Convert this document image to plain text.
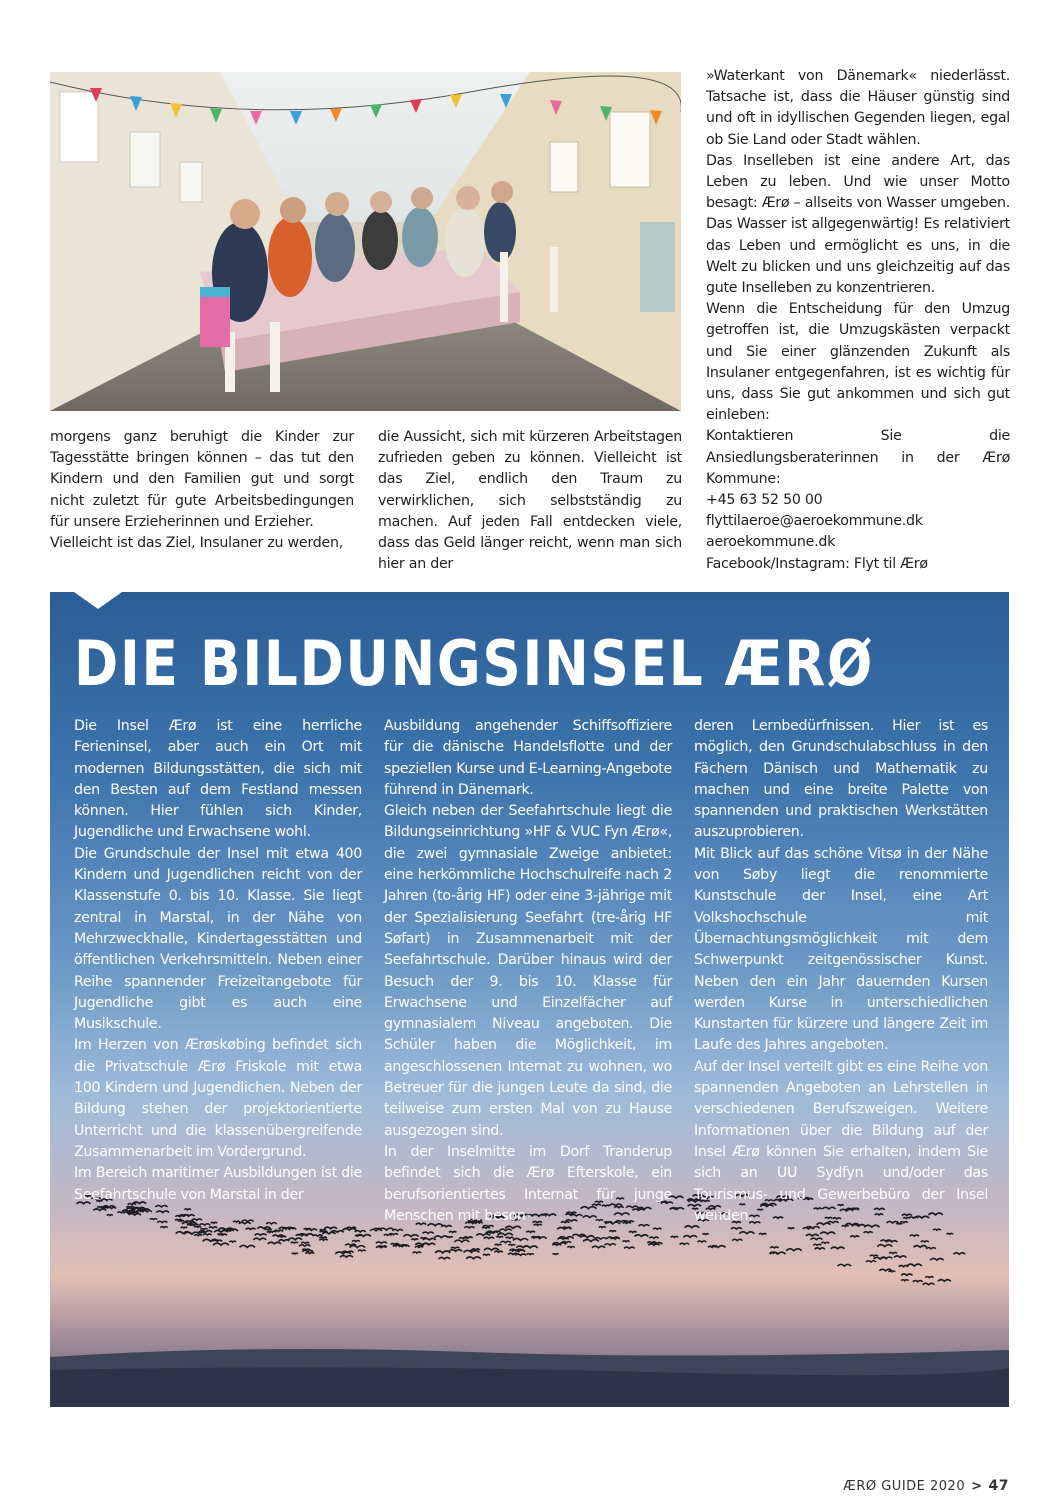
morgens ganz beruhigt die Kinder zur Tagesstätte bringen können – das tut den Kindern und den Familien gut und sorgt nicht zuletzt für gute Arbeitsbedingungen für unsere Erzieherinnen und Erzieher.

Vielleicht ist das Ziel, Insulaner zu werden,

die Aussicht, sich mit kürzeren Arbeitstagen zufrieden geben zu können. Vielleicht ist das Ziel, endlich den Traum zu verwirklichen, sich selbstständig zu machen. Auf jeden Fall entdecken viele, dass das Geld länger reicht, wenn man sich hier an der

»Waterkant von Dänemark« niederlässt. Tatsache ist, dass die Häuser günstig sind und oft in idyllischen Gegenden liegen, egal ob Sie Land oder Stadt wählen.

Das Inselleben ist eine andere Art, das Leben zu leben. Und wie unser Motto besagt: Ærø – allseits von Wasser umgeben. Das Wasser ist allgegenwärtig! Es relativiert das Leben und ermöglicht es uns, in die Welt zu blicken und uns gleichzeitig auf das gute Inselleben zu konzentrieren.

Wenn die Entscheidung für den Umzug getroffen ist, die Umzugskästen verpackt und Sie einer glänzenden Zukunft als Insulaner entgegenfahren, ist es wichtig für uns, dass Sie gut ankommen und sich gut einleben:

Kontaktieren Sie die Ansiedlungsberaterinnen in der Ærø Kommune:

+45 63 52 50 00

flyttilaeroe@aeroekommune.dk

aeroekommune.dk

Facebook/Instagram: Flyt til Ærø

DIE BILDUNGSINSEL ÆRØ

Die Insel Ærø ist eine herrliche Ferieninsel, aber auch ein Ort mit modernen Bildungsstätten, die sich mit den Besten auf dem Festland messen können. Hier fühlen sich Kinder, Jugendliche und Erwachsene wohl.

Die Grundschule der Insel mit etwa 400 Kindern und Jugendlichen reicht von der Klassenstufe 0. bis 10. Klasse. Sie liegt zentral in Marstal, in der Nähe von Mehrzweckhalle, Kindertagesstätten und öffentlichen Verkehrsmitteln. Neben einer Reihe spannender Freizeitangebote für Jugendliche gibt es auch eine Musikschule.

Im Herzen von Ærøskøbing befindet sich die Privatschule Ærø Friskole mit etwa 100 Kindern und Jugendlichen. Neben der Bildung stehen der projektorientierte Unterricht und die klassenübergreifende Zusammenarbeit im Vordergrund.

Im Bereich maritimer Ausbildungen ist die Seefahrtschule von Marstal in der

Ausbildung angehender Schiffsoffiziere für die dänische Handelsflotte und der speziellen Kurse und E-Learning-Angebote führend in Dänemark.

Gleich neben der Seefahrtschule liegt die Bildungseinrichtung »HF & VUC Fyn Ærø«, die zwei gymnasiale Zweige anbietet: eine herkömmliche Hochschulreife nach 2 Jahren (to-årig HF) oder eine 3-jährige mit der Spezialisierung Seefahrt (tre-årig HF Søfart) in Zusammenarbeit mit der Seefahrtschule. Darüber hinaus wird der Besuch der 9. bis 10. Klasse für Erwachsene und Einzelfächer auf gymnasialem Niveau angeboten. Die Schüler haben die Möglichkeit, im angeschlossenen Internat zu wohnen, wo Betreuer für die jungen Leute da sind, die teilweise zum ersten Mal von zu Hause ausgezogen sind.

In der Inselmitte im Dorf Tranderup befindet sich die Ærø Efterskole, ein berufsorientiertes Internat für junge Menschen mit beson-

deren Lernbedürfnissen. Hier ist es möglich, den Grundschulabschluss in den Fächern Dänisch und Mathematik zu machen und eine breite Palette von spannenden und praktischen Werkstätten auszuprobieren.

Mit Blick auf das schöne Vitsø in der Nähe von Søby liegt die renommierte Kunstschule der Insel, eine Art Volkshochschule mit Übernachtungsmöglichkeit mit dem Schwerpunkt zeitgenössischer Kunst. Neben den ein Jahr dauernden Kursen werden Kurse in unterschiedlichen Kunstarten für kürzere und längere Zeit im Laufe des Jahres angeboten.

Auf der Insel verteilt gibt es eine Reihe von spannenden Angeboten an Lehrstellen in verschiedenen Berufszweigen. Weitere Informationen über die Bildung auf der Insel Ærø können Sie erhalten, indem Sie sich an UU Sydfyn und/oder das Tourismus- und Gewerbebüro der Insel wenden.

ÆRØ GUIDE 2020 > 47
